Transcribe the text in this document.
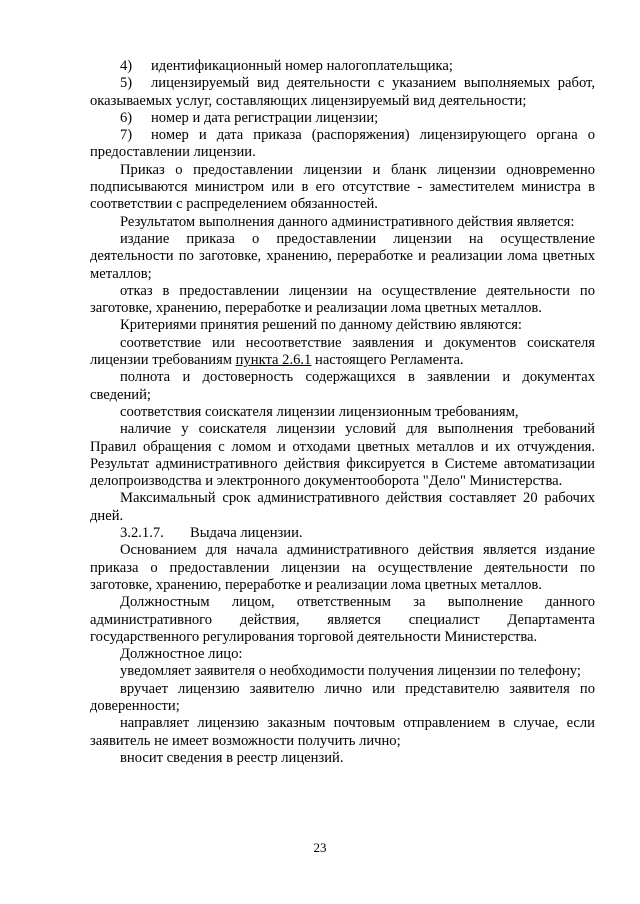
4) идентификационный номер налогоплательщика;

5) лицензируемый вид деятельности с указанием выполняемых работ, оказываемых услуг, составляющих лицензируемый вид деятельности;

6) номер и дата регистрации лицензии;

7) номер и дата приказа (распоряжения) лицензирующего органа о предоставлении лицензии.

Приказ о предоставлении лицензии и бланк лицензии одновременно подписываются министром или в его отсутствие - заместителем министра в соответствии с распределением обязанностей.

Результатом выполнения данного административного действия является:

издание приказа о предоставлении лицензии на осуществление деятельности по заготовке, хранению, переработке и реализации лома цветных металлов;

отказ в предоставлении лицензии на осуществление деятельности по заготовке, хранению, переработке и реализации лома цветных металлов.

Критериями принятия решений по данному действию являются:

соответствие или несоответствие заявления и документов соискателя лицензии требованиям пункта 2.6.1 настоящего Регламента.

полнота и достоверность содержащихся в заявлении и документах сведений;

соответствия соискателя лицензии лицензионным требованиям,

наличие у соискателя лицензии условий для выполнения требований Правил обращения с ломом и отходами цветных металлов и их отчуждения.

Результат административного действия фиксируется в Системе автоматизации делопроизводства и электронного документооборота "Дело" Министерства.

Максимальный срок административного действия составляет 20 рабочих дней.

3.2.1.7. Выдача лицензии.

Основанием для начала административного действия является издание приказа о предоставлении лицензии на осуществление деятельности по заготовке, хранению, переработке и реализации лома цветных металлов.

Должностным лицом, ответственным за выполнение данного административного действия, является специалист Департамента государственного регулирования торговой деятельности Министерства.

Должностное лицо:

уведомляет заявителя о необходимости получения лицензии по телефону;

вручает лицензию заявителю лично или представителю заявителя по доверенности;

направляет лицензию заказным почтовым отправлением в случае, если заявитель не имеет возможности получить лично;

вносит сведения в реестр лицензий.

23
